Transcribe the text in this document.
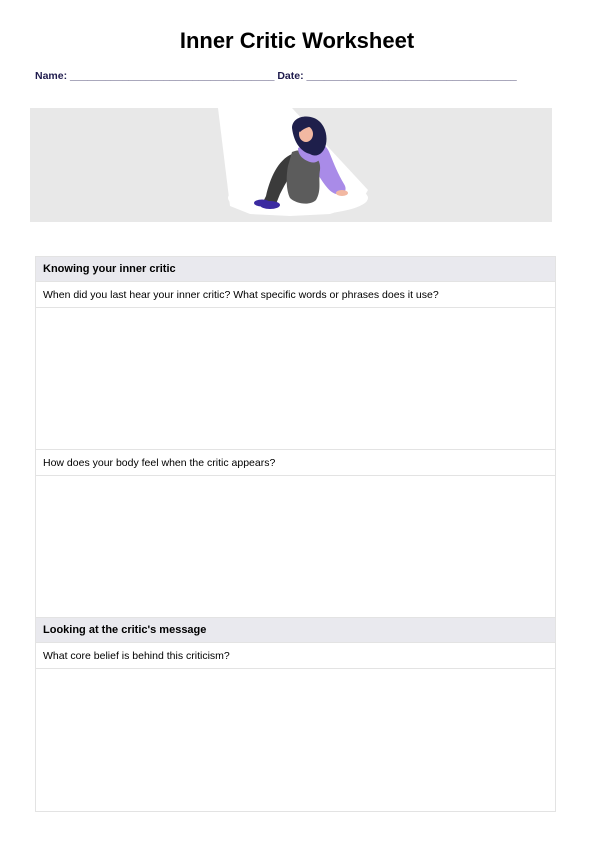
Inner Critic Worksheet
Name: ___________________________________ Date: ____________________________________
Knowing your inner critic
When did you last hear your inner critic? What specific words or phrases does it use?
How does your body feel when the critic appears?
Looking at the critic's message
What core belief is behind this criticism?
